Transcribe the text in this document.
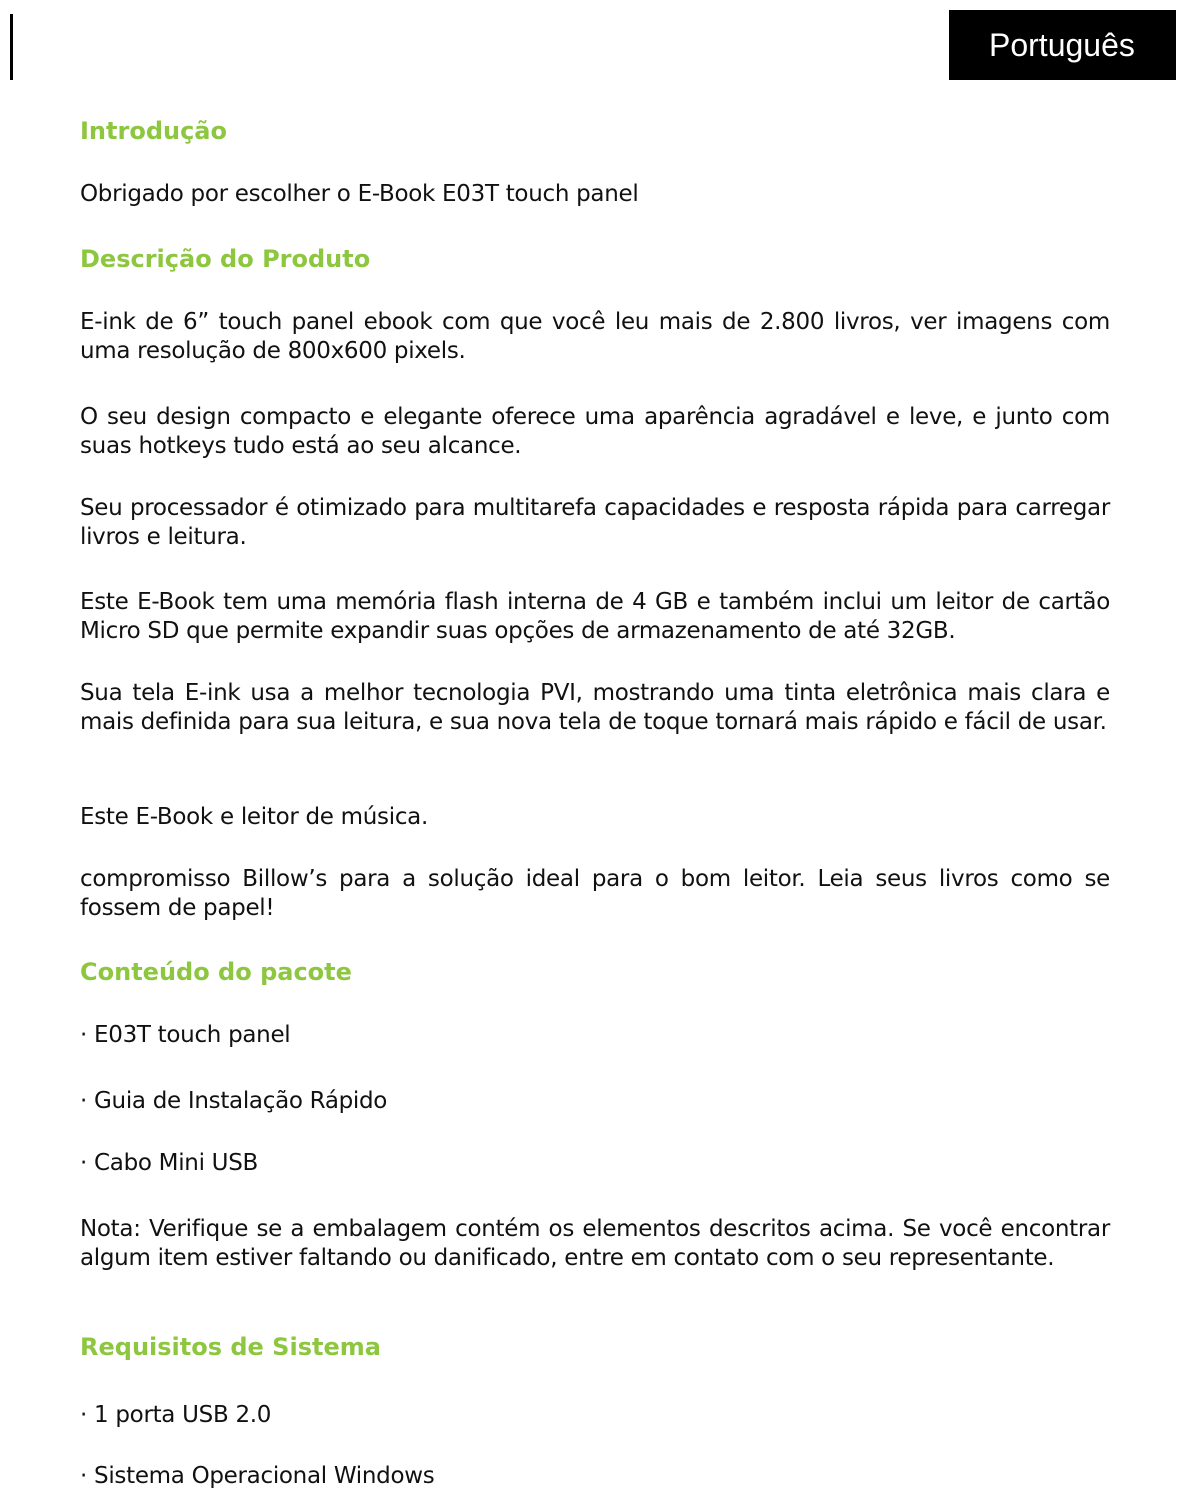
Português
Introdução
Obrigado por escolher o E-Book E03T touch panel
Descrição do Produto
E-ink de 6” touch panel ebook com que você leu mais de 2.800 livros, ver imagens com uma resolução de 800x600 pixels.
O seu design compacto e elegante oferece uma aparência agradável e leve, e junto com suas hotkeys tudo está ao seu alcance.
Seu processador é otimizado para multitarefa capacidades e resposta rápida para carregar livros e leitura.
Este E-Book tem uma memória flash interna de 4 GB e também inclui um leitor de cartão Micro SD que permite expandir suas opções de armazenamento de até 32GB.
Sua tela E-ink usa a melhor tecnologia PVI, mostrando uma tinta eletrônica mais clara e mais definida para sua leitura, e sua nova tela de toque tornará mais rápido e fácil de usar.
Este E-Book e leitor de música.
compromisso Billow’s para a solução ideal para o bom leitor. Leia seus livros como se fossem de papel!
Conteúdo do pacote
· E03T touch panel
· Guia de Instalação Rápido
· Cabo Mini USB
Nota: Verifique se a embalagem contém os elementos descritos acima. Se você encontrar algum item estiver faltando ou danificado, entre em contato com o seu representante.
Requisitos de Sistema
· 1 porta USB 2.0
· Sistema Operacional Windows
